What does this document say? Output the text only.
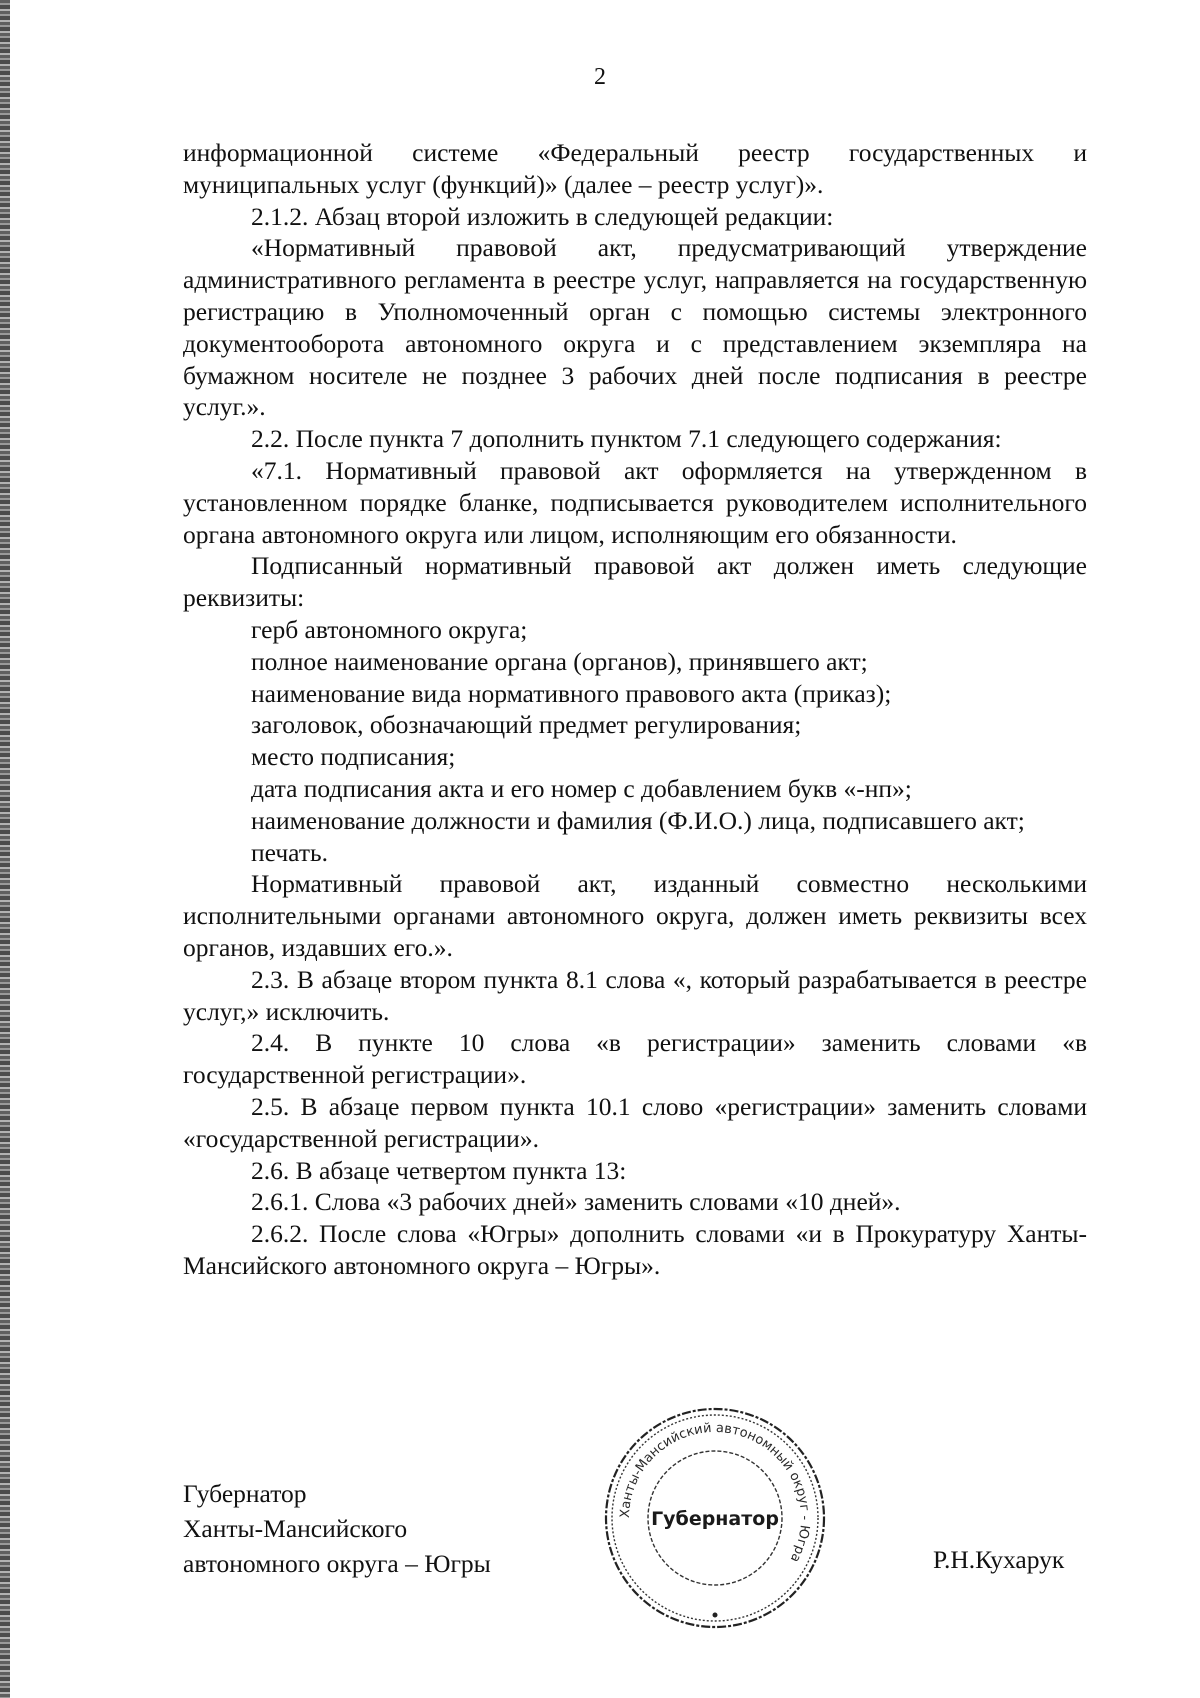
2

информационной системе «Федеральный реестр государственных и муниципальных услуг (функций)» (далее – реестр услуг)».

2.1.2. Абзац второй изложить в следующей редакции:

«Нормативный правовой акт, предусматривающий утверждение административного регламента в реестре услуг, направляется на государственную регистрацию в Уполномоченный орган с помощью системы электронного документооборота автономного округа и с представлением экземпляра на бумажном носителе не позднее 3 рабочих дней после подписания в реестре услуг.».

2.2. После пункта 7 дополнить пунктом 7.1 следующего содержания:

«7.1. Нормативный правовой акт оформляется на утвержденном в установленном порядке бланке, подписывается руководителем исполнительного органа автономного округа или лицом, исполняющим его обязанности.

Подписанный нормативный правовой акт должен иметь следующие реквизиты:

герб автономного округа;

полное наименование органа (органов), принявшего акт;

наименование вида нормативного правового акта (приказ);

заголовок, обозначающий предмет регулирования;

место подписания;

дата подписания акта и его номер с добавлением букв «-нп»;

наименование должности и фамилия (Ф.И.О.) лица, подписавшего акт;

печать.

Нормативный правовой акт, изданный совместно несколькими исполнительными органами автономного округа, должен иметь реквизиты всех органов, издавших его.».

2.3. В абзаце втором пункта 8.1 слова «, который разрабатывается в реестре услуг,» исключить.

2.4. В пункте 10 слова «в регистрации» заменить словами «в государственной регистрации».

2.5. В абзаце первом пункта 10.1 слово «регистрации» заменить словами «государственной регистрации».

2.6. В абзаце четвертом пункта 13:

2.6.1. Слова «3 рабочих дней» заменить словами «10 дней».

2.6.2. После слова «Югры» дополнить словами «и в Прокуратуру Ханты-Мансийского автономного округа – Югры».

Губернатор
Ханты-Мансийского
автономного округа – Югры
Ханты-Мансийский автономный округ - Югра
Губернатор
Р.Н.Кухарук
